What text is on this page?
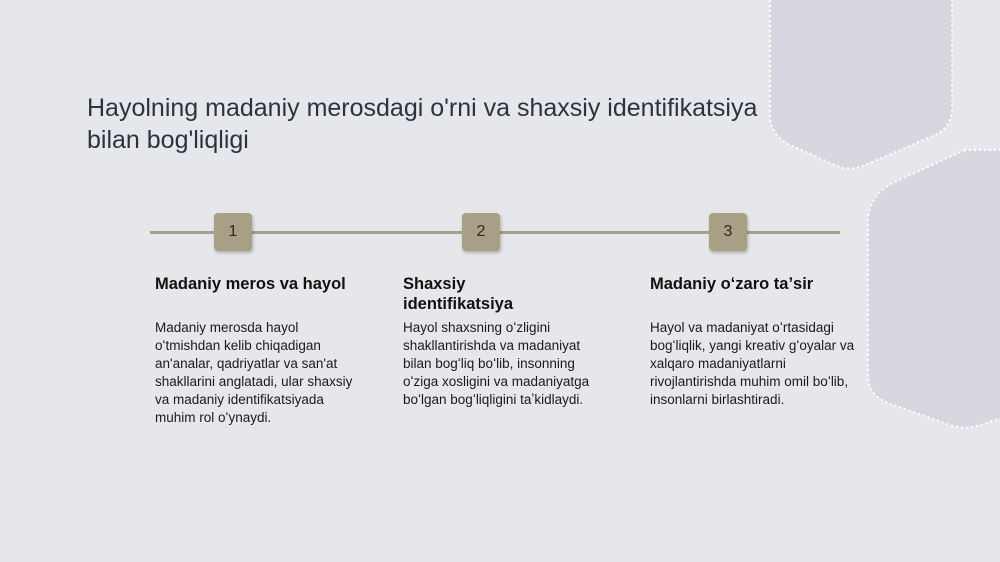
Hayolning madaniy merosdagi o'rni va shaxsiy identifikatsiya bilan bog'liqligi
1	2	3
Madaniy meros va hayol	Shaxsiy identifikatsiya
Madaniy oʻzaro taʼsir
Madaniy merosda hayol oʻtmishdan kelib chiqadigan an'analar, qadriyatlar va san'at shakllarini anglatadi, ular shaxsiy va madaniy identifikatsiyada muhim rol oʻynaydi.
Hayol shaxsning oʻzligini shakllantirishda va madaniyat bilan bogʻliq boʻlib, insonning oʻziga xosligini va madaniyatga boʻlgan bogʻliqligini taʼkidlaydi.
Hayol va madaniyat oʻrtasidagi bogʻliqlik, yangi kreativ gʻoyalar va xalqaro madaniyatlarni rivojlantirishda muhim omil boʻlib, insonlarni birlashtiradi.
